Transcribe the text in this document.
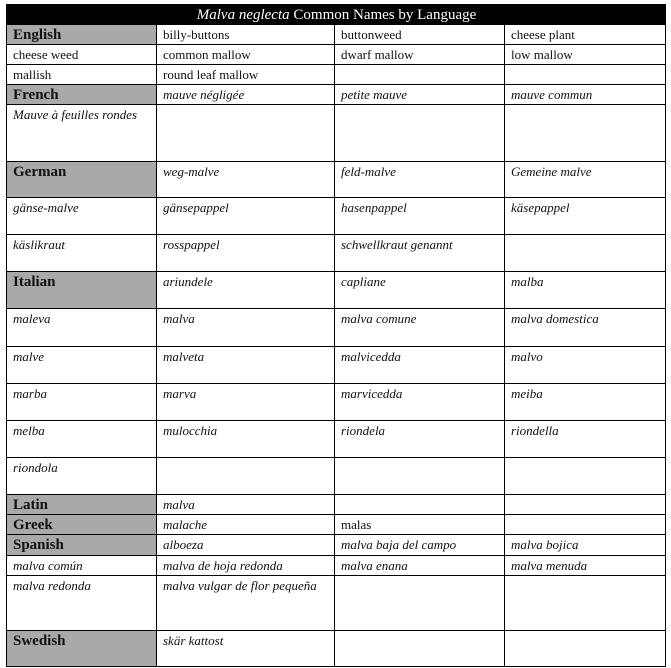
Malva neglecta Common Names by Language			
English	billy-buttons	buttonweed	cheese plant
cheese weed	common mallow	dwarf mallow	low mallow
mallish	round leaf mallow		
French	mauve négligée	petite mauve	mauve commun
Mauve à feuilles rondes			
German	weg-malve	feld-malve	Gemeine malve
gänse-malve	gänsepappel	hasenpappel	käsepappel
käslikraut	rosspappel	schwellkraut genannt	
Italian	ariundele	capliane	malba
maleva	malva	malva comune	malva domestica
malve	malveta	malvicedda	malvo
marba	marva	marvicedda	meiba
melba	mulocchia	riondela	riondella
riondola			
Latin	malva		
Greek	malache	malas	
Spanish	alboeza	malva baja del campo	malva bojica
malva común	malva de hoja redonda	malva enana	malva menuda
malva redonda	malva vulgar de flor pequeña		
Swedish	skär kattost		
